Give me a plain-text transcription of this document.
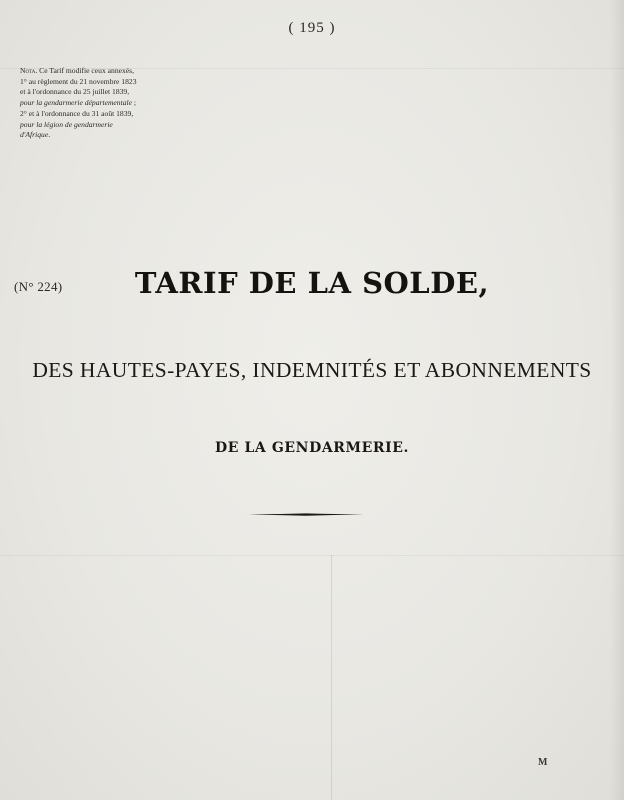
( 195 )
Nota. Ce Tarif modifie ceux annexés, 1° au règlement du 21 novembre 1823 et à l'ordonnance du 25 juillet 1839, pour la gendarmerie départementale ; 2° et à l'ordonnance du 31 août 1839, pour la légion de gendarmerie d'Afrique.
(N° 224)	TARIF DE LA SOLDE,
DES HAUTES-PAYES, INDEMNITÉS ET ABONNEMENTS
DE LA GENDARMERIE.
M
